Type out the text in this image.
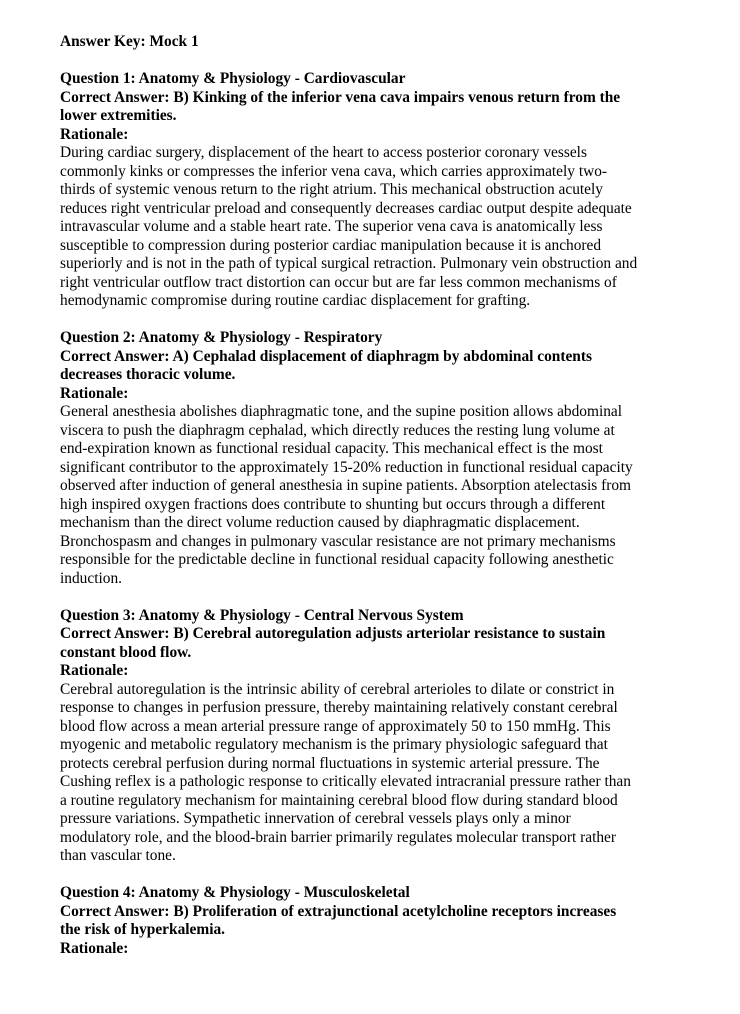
Answer Key: Mock 1

Question 1: Anatomy & Physiology - Cardiovascular

Correct Answer: B) Kinking of the inferior vena cava impairs venous return from the
lower extremities.

Rationale:

During cardiac surgery, displacement of the heart to access posterior coronary vessels
commonly kinks or compresses the inferior vena cava, which carries approximately two-
thirds of systemic venous return to the right atrium. This mechanical obstruction acutely
reduces right ventricular preload and consequently decreases cardiac output despite adequate
intravascular volume and a stable heart rate. The superior vena cava is anatomically less
susceptible to compression during posterior cardiac manipulation because it is anchored
superiorly and is not in the path of typical surgical retraction. Pulmonary vein obstruction and
right ventricular outflow tract distortion can occur but are far less common mechanisms of
hemodynamic compromise during routine cardiac displacement for grafting.

Question 2: Anatomy & Physiology - Respiratory

Correct Answer: A) Cephalad displacement of diaphragm by abdominal contents
decreases thoracic volume.

Rationale:

General anesthesia abolishes diaphragmatic tone, and the supine position allows abdominal
viscera to push the diaphragm cephalad, which directly reduces the resting lung volume at
end-expiration known as functional residual capacity. This mechanical effect is the most
significant contributor to the approximately 15-20% reduction in functional residual capacity
observed after induction of general anesthesia in supine patients. Absorption atelectasis from
high inspired oxygen fractions does contribute to shunting but occurs through a different
mechanism than the direct volume reduction caused by diaphragmatic displacement.
Bronchospasm and changes in pulmonary vascular resistance are not primary mechanisms
responsible for the predictable decline in functional residual capacity following anesthetic
induction.

Question 3: Anatomy & Physiology - Central Nervous System

Correct Answer: B) Cerebral autoregulation adjusts arteriolar resistance to sustain
constant blood flow.

Rationale:

Cerebral autoregulation is the intrinsic ability of cerebral arterioles to dilate or constrict in
response to changes in perfusion pressure, thereby maintaining relatively constant cerebral
blood flow across a mean arterial pressure range of approximately 50 to 150 mmHg. This
myogenic and metabolic regulatory mechanism is the primary physiologic safeguard that
protects cerebral perfusion during normal fluctuations in systemic arterial pressure. The
Cushing reflex is a pathologic response to critically elevated intracranial pressure rather than
a routine regulatory mechanism for maintaining cerebral blood flow during standard blood
pressure variations. Sympathetic innervation of cerebral vessels plays only a minor
modulatory role, and the blood-brain barrier primarily regulates molecular transport rather
than vascular tone.

Question 4: Anatomy & Physiology - Musculoskeletal

Correct Answer: B) Proliferation of extrajunctional acetylcholine receptors increases
the risk of hyperkalemia.

Rationale:
